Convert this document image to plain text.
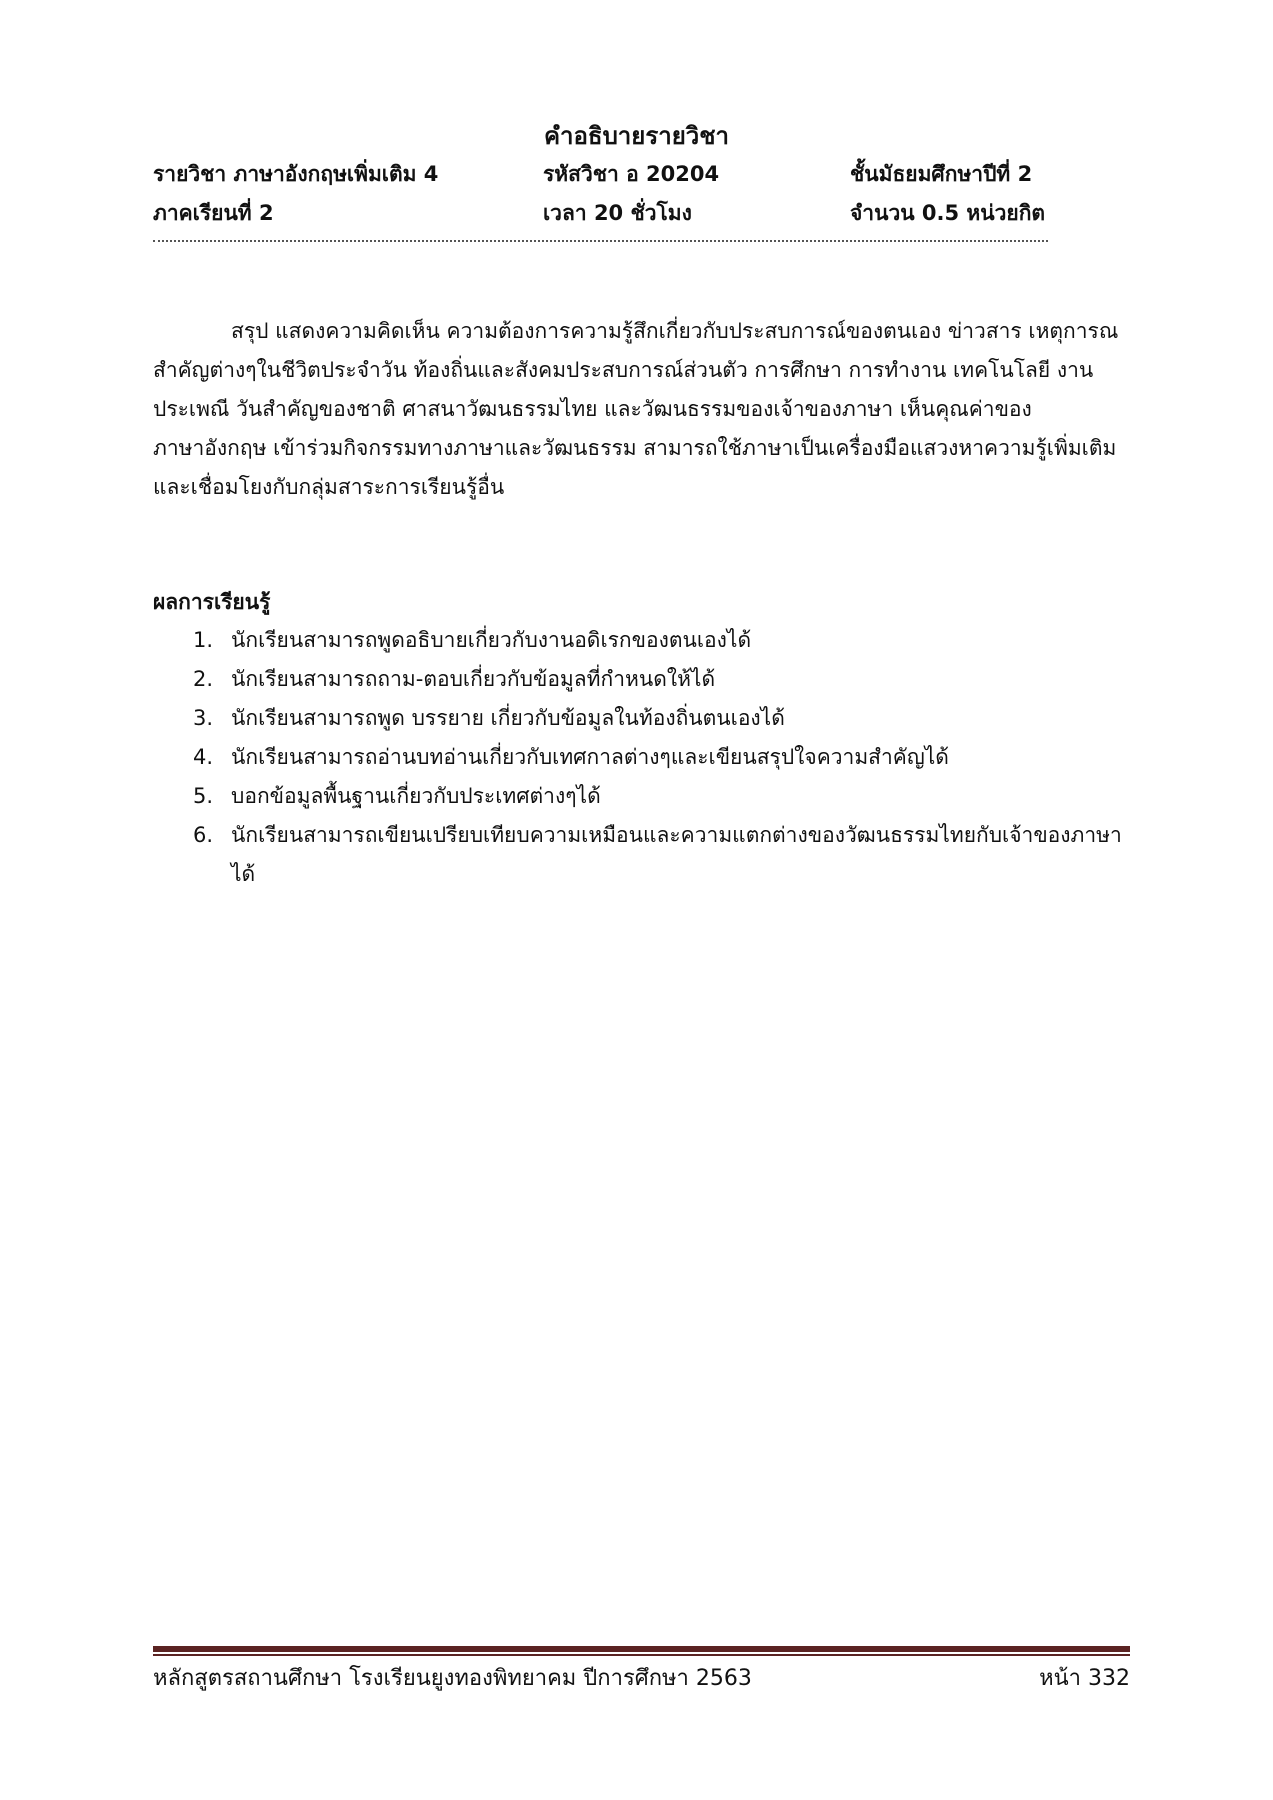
คำอธิบายรายวิชา
รายวิชา ภาษาอังกฤษเพิ่มเติม 4	รหัสวิชา อ 20204	ชั้นมัธยมศึกษาปีที่ 2
ภาคเรียนที่ 2	เวลา 20 ชั่วโมง	จำนวน 0.5 หน่วยกิต
สรุป แสดงความคิดเห็น ความต้องการความรู้สึกเกี่ยวกับประสบการณ์ของตนเอง ข่าวสาร เหตุการณ
สำคัญต่างๆในชีวิตประจำวัน ท้องถิ่นและสังคมประสบการณ์ส่วนตัว การศึกษา การทำงาน เทคโนโลยี งาน
ประเพณี วันสำคัญของชาติ ศาสนาวัฒนธรรมไทย และวัฒนธรรมของเจ้าของภาษา เห็นคุณค่าของ
ภาษาอังกฤษ เข้าร่วมกิจกรรมทางภาษาและวัฒนธรรม สามารถใช้ภาษาเป็นเครื่องมือแสวงหาความรู้เพิ่มเติม
และเชื่อมโยงกับกลุ่มสาระการเรียนรู้อื่น
ผลการเรียนรู้
1. นักเรียนสามารถพูดอธิบายเกี่ยวกับงานอดิเรกของตนเองได้
2. นักเรียนสามารถถาม-ตอบเกี่ยวกับข้อมูลที่กำหนดให้ได้
3. นักเรียนสามารถพูด บรรยาย เกี่ยวกับข้อมูลในท้องถิ่นตนเองได้
4. นักเรียนสามารถอ่านบทอ่านเกี่ยวกับเทศกาลต่างๆและเขียนสรุปใจความสำคัญได้
5. บอกข้อมูลพื้นฐานเกี่ยวกับประเทศต่างๆได้
6. นักเรียนสามารถเขียนเปรียบเทียบความเหมือนและความแตกต่างของวัฒนธรรมไทยกับเจ้าของภาษา
ได้
หลักสูตรสถานศึกษา โรงเรียนยูงทองพิทยาคม ปีการศึกษา 2563	หน้า 332
